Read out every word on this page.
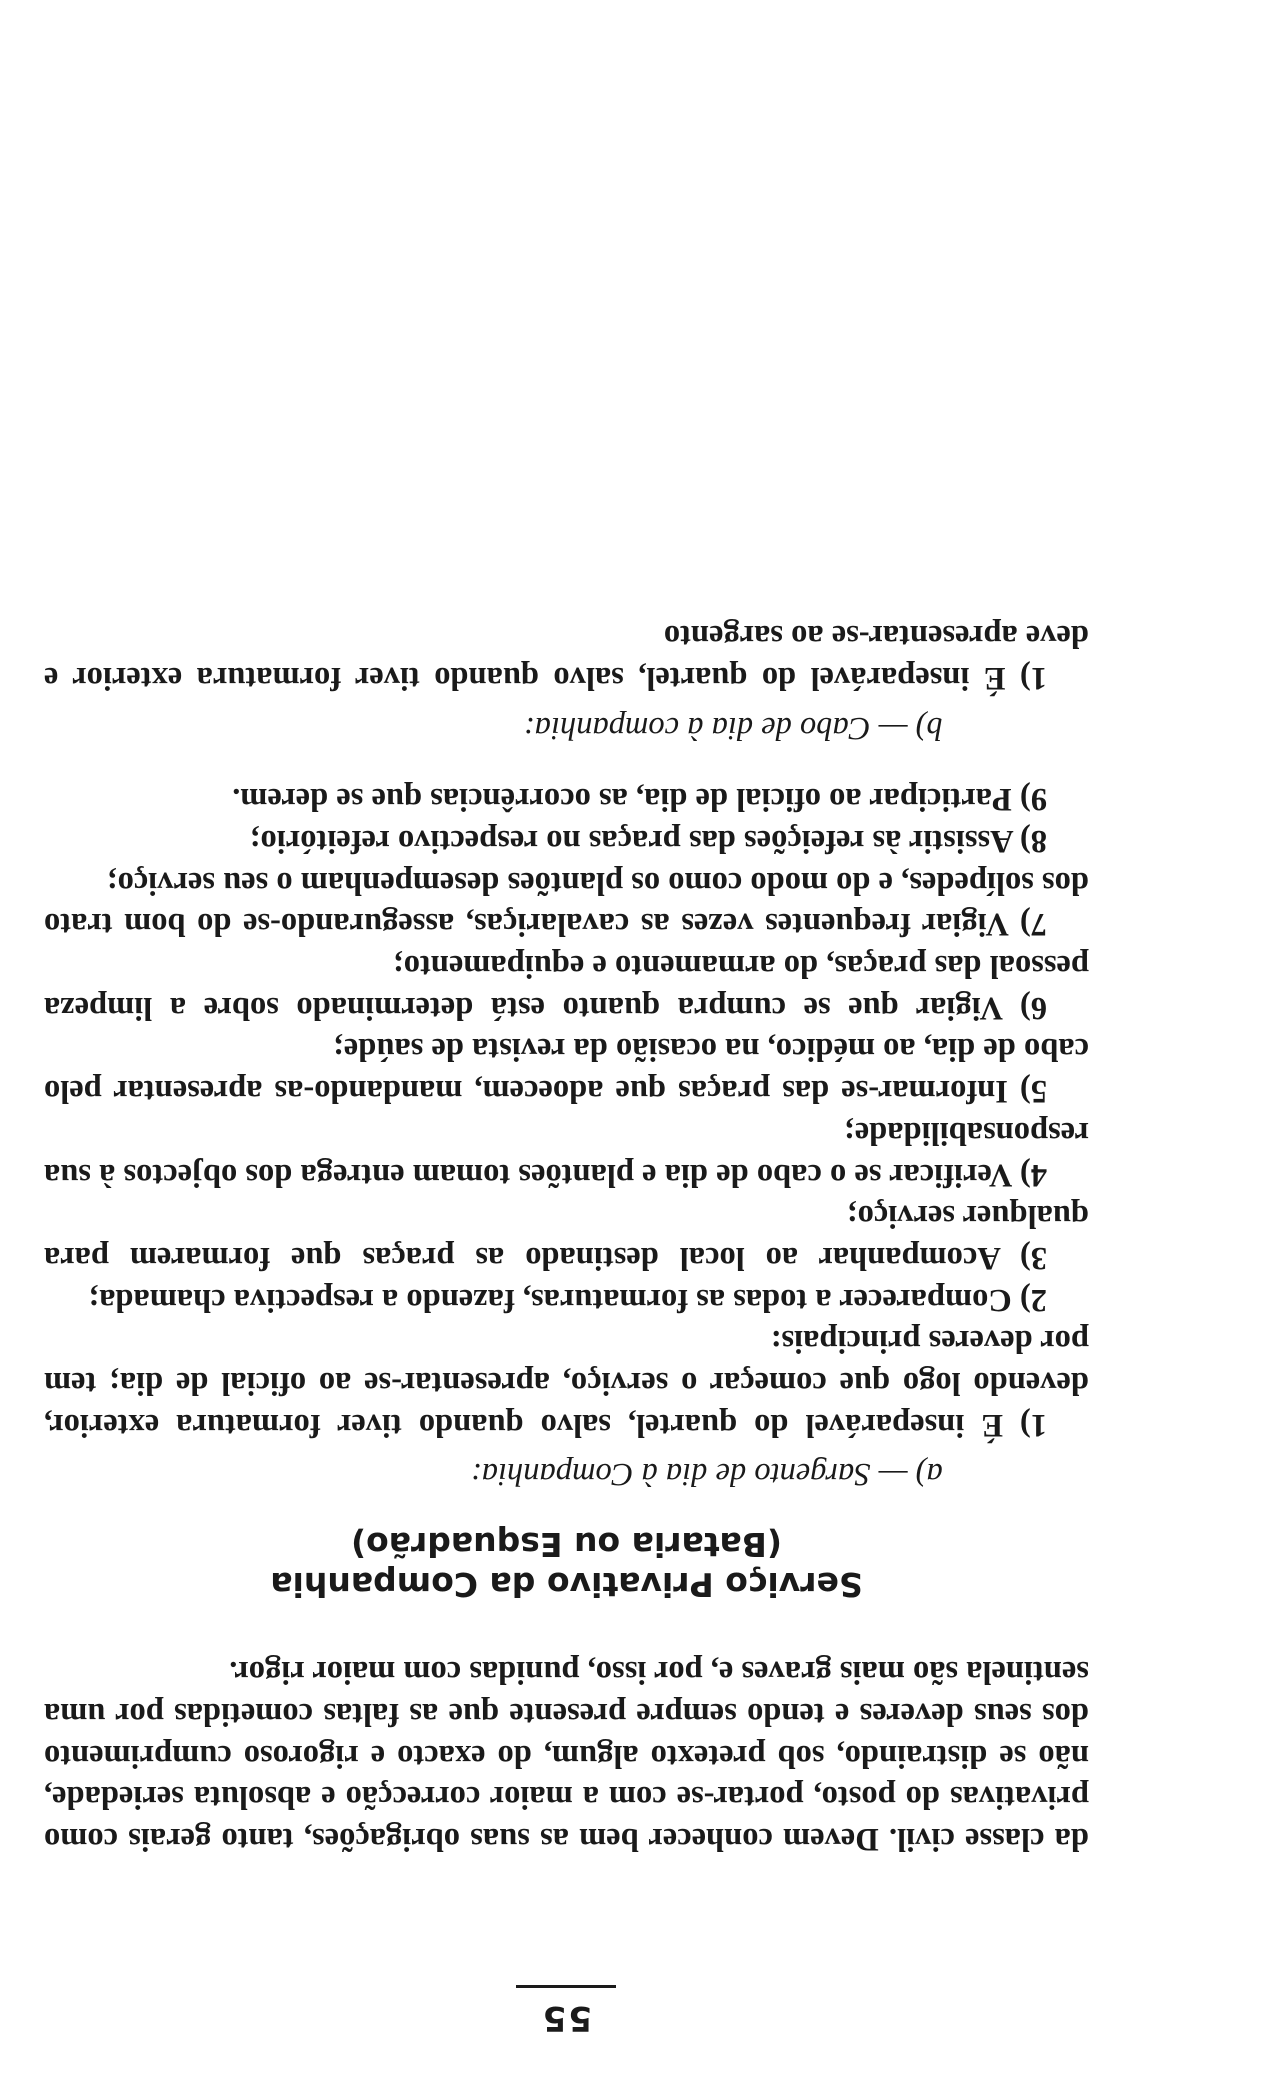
55

da classe civil. Devem conhecer bem as suas obrigações, tanto gerais como privativas do posto, portar-se com a maior correcção e absoluta seriedade, não se distraindo, sob pretexto algum, do exacto e rigoroso cumprimento dos seus deveres e tendo sempre presente que as faltas cometidas por uma sentinela são mais graves e, por isso, punidas com maior rigor.

Serviço Privativo da Companhia
(Bataria ou Esquadrão)
a) — Sargento de dia à Companhia:

1) É inseparável do quartel, salvo quando tiver formatura exterior, devendo logo que começar o serviço, apresentar-se ao oficial de dia; tem por deveres principais:

2) Comparecer a todas as formaturas, fazendo a respectiva chamada;

3) Acompanhar ao local destinado as praças que formarem para qualquer serviço;

4) Verificar se o cabo de dia e plantões tomam entrega dos objectos à sua responsabilidade;

5) Informar-se das praças que adoecem, mandando-as apresentar pelo cabo de dia, ao médico, na ocasião da revista de saúde;

6) Vigiar que se cumpra quanto está determinado sobre a limpeza pessoal das praças, do armamento e equipamento;

7) Vigiar frequentes vezes as cavalariças, assegurando-se do bom trato dos solípedes, e do modo como os plantões desempenham o seu serviço;

8) Assistir às refeições das praças no respectivo refeitório;

9) Participar ao oficial de dia, as ocorrências que se derem.

b) — Cabo de dia à companhia:

1) É inseparável do quartel, salvo quando tiver formatura exterior e deve apresentar-se ao sargento
